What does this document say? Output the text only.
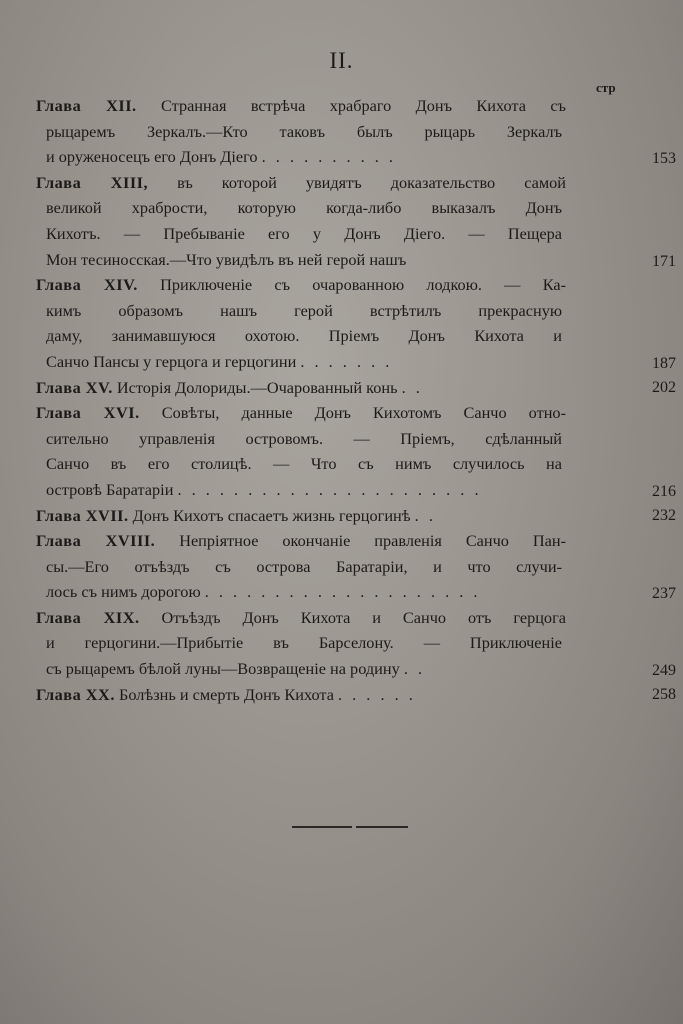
II.
стр
Глава XII. Странная встрѣча храбраго Донъ Кихота съ
рыцаремъ Зеркалъ.—Кто таковъ былъ рыцарь Зеркалъ
и оруженосецъ его Донъ Діего . . . . . . . . . .	153
Глава XIII, въ которой увидятъ доказательство самой
великой храбрости, которую когда-либо выказалъ Донъ
Кихотъ. — Пребываніе его у Донъ Діего. — Пещера
Мон тесиносская.—Что увидѣлъ въ ней герой нашъ	171
Глава XIV. Приключеніе съ очарованною лодкою. — Ка-
кимъ образомъ нашъ герой встрѣтилъ прекрасную
даму, занимавшуюся охотою. Пріемъ Донъ Кихота и
Санчо Пансы у герцога и герцогини . . . . . . .	187
Глава XV. Исторія Долориды.—Очарованный конь . .	202
Глава XVI. Совѣты, данные Донъ Кихотомъ Санчо отно-
сительно управленія островомъ. — Пріемъ, сдѣланный
Санчо въ его столицѣ. — Что съ нимъ случилось на
островѣ Баратаріи . . . . . . . . . . . . . . . . . . . . . .	216
Глава XVII. Донъ Кихотъ спасаетъ жизнь герцогинѣ . .	232
Глава XVIII. Непріятное окончаніе правленія Санчо Пан-
сы.—Его отъѣздъ съ острова Баратаріи, и что случи-
лось съ нимъ дорогою . . . . . . . . . . . . . . . . . . . .	237
Глава XIX. Отъѣздъ Донъ Кихота и Санчо отъ герцога
и герцогини.—Прибытіе въ Барселону. — Приключеніе
съ рыцаремъ бѣлой луны—Возвращеніе на родину . .	249
Глава XX. Болѣзнь и смерть Донъ Кихота . . . . . .	258
